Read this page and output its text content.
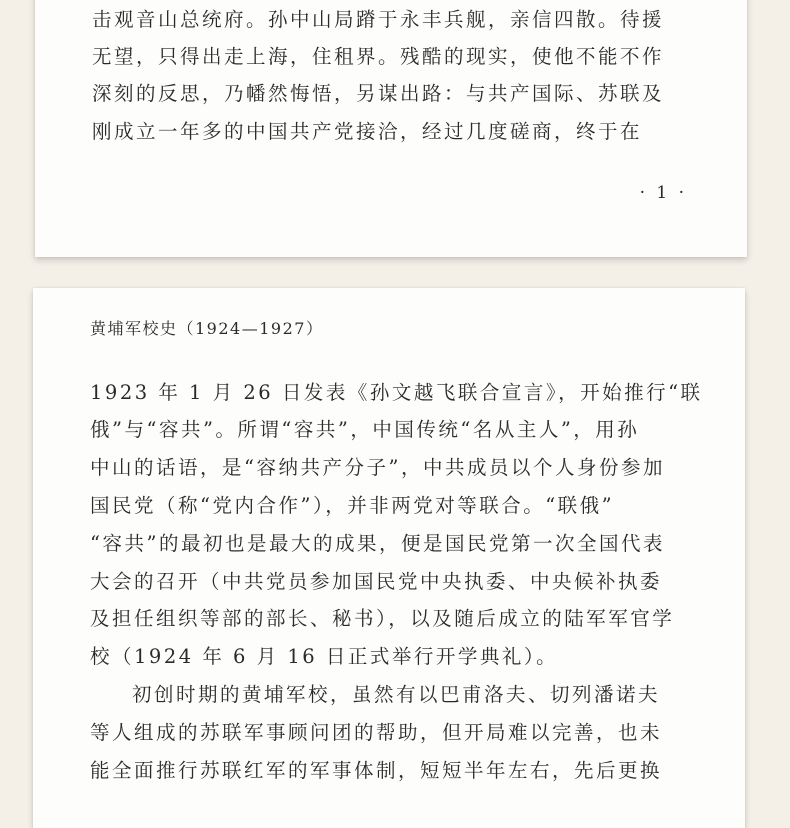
击观音山总统府。孙中山局蹐于永丰兵舰，亲信四散。待援
无望，只得出走上海，住租界。残酷的现实，使他不能不作
深刻的反思，乃幡然悔悟，另谋出路：与共产国际、苏联及
刚成立一年多的中国共产党接洽，经过几度磋商，终于在
· 1 ·
黄埔军校史（1924—1927）
1923 年 1 月 26 日发表《孙文越飞联合宣言》，开始推行“联
俄”与“容共”。所谓“容共”，中国传统“名从主人”，用孙
中山的话语，是“容纳共产分子”，中共成员以个人身份参加
国民党（称“党内合作”），并非两党对等联合。“联俄”
“容共”的最初也是最大的成果，便是国民党第一次全国代表
大会的召开（中共党员参加国民党中央执委、中央候补执委
及担任组织等部的部长、秘书），以及随后成立的陆军军官学
校（1924 年 6 月 16 日正式举行开学典礼）。
初创时期的黄埔军校，虽然有以巴甫洛夫、切列潘诺夫
等人组成的苏联军事顾问团的帮助，但开局难以完善，也未
能全面推行苏联红军的军事体制，短短半年左右，先后更换
